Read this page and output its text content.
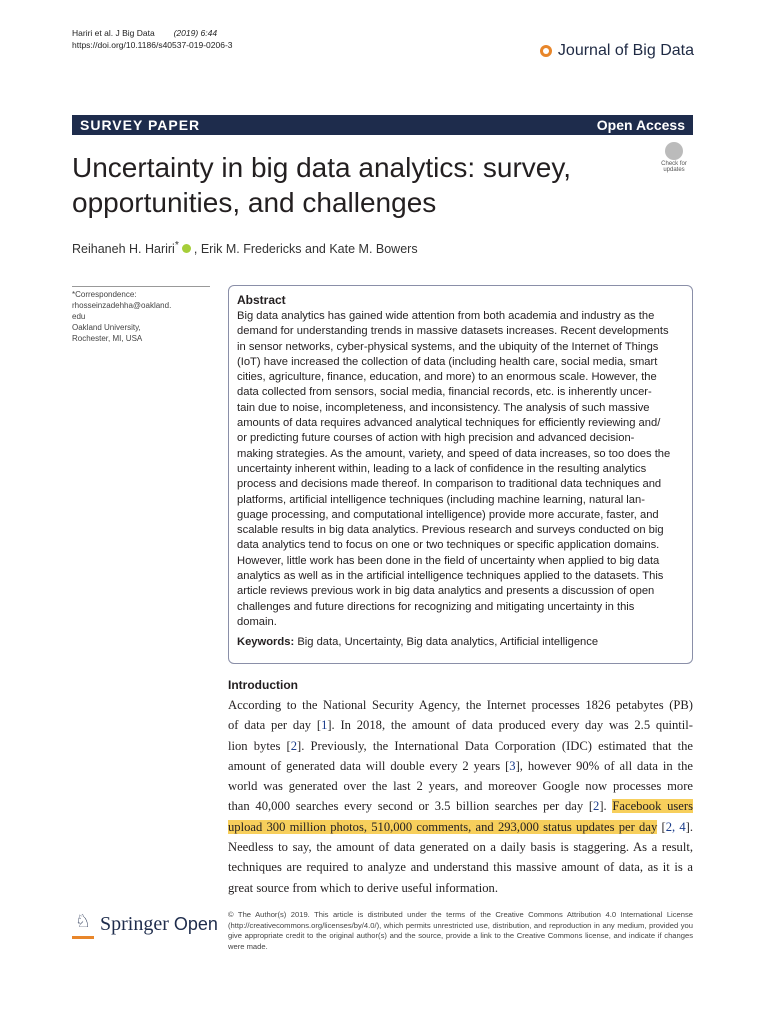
Hariri et al. J Big Data (2019) 6:44
https://doi.org/10.1186/s40537-019-0206-3	Journal of Big Data
SURVEY PAPER	Open Access
Uncertainty in big data analytics: survey, opportunities, and challenges
Check for updates
Reihaneh H. Hariri* , Erik M. Fredericks and Kate M. Bowers
*Correspondence:
rhosseinzadehha@oakland.
edu
Oakland University,
Rochester, MI, USA
Abstract
Big data analytics has gained wide attention from both academia and industry as the
demand for understanding trends in massive datasets increases. Recent developments
in sensor networks, cyber-physical systems, and the ubiquity of the Internet of Things
(IoT) have increased the collection of data (including health care, social media, smart
cities, agriculture, finance, education, and more) to an enormous scale. However, the
data collected from sensors, social media, financial records, etc. is inherently uncer-
tain due to noise, incompleteness, and inconsistency. The analysis of such massive
amounts of data requires advanced analytical techniques for efficiently reviewing and/
or predicting future courses of action with high precision and advanced decision-
making strategies. As the amount, variety, and speed of data increases, so too does the
uncertainty inherent within, leading to a lack of confidence in the resulting analytics
process and decisions made thereof. In comparison to traditional data techniques and
platforms, artificial intelligence techniques (including machine learning, natural lan-
guage processing, and computational intelligence) provide more accurate, faster, and
scalable results in big data analytics. Previous research and surveys conducted on big
data analytics tend to focus on one or two techniques or specific application domains.
However, little work has been done in the field of uncertainty when applied to big data
analytics as well as in the artificial intelligence techniques applied to the datasets. This
article reviews previous work in big data analytics and presents a discussion of open
challenges and future directions for recognizing and mitigating uncertainty in this
domain.
Keywords: Big data, Uncertainty, Big data analytics, Artificial intelligence
Introduction
According to the National Security Agency, the Internet processes 1826 petabytes (PB)
of data per day [1]. In 2018, the amount of data produced every day was 2.5 quintil-
lion bytes [2]. Previously, the International Data Corporation (IDC) estimated that the
amount of generated data will double every 2 years [3], however 90% of all data in the
world was generated over the last 2 years, and moreover Google now processes more
than 40,000 searches every second or 3.5 billion searches per day [2]. Facebook users
upload 300 million photos, 510,000 comments, and 293,000 status updates per day [2, 4].
Needless to say, the amount of data generated on a daily basis is staggering. As a result,
techniques are required to analyze and understand this massive amount of data, as it is a
great source from which to derive useful information.
♘ Springer Open © The Author(s) 2019. This article is distributed under the terms of the Creative Commons Attribution 4.0 International License (http://creativecommons.org/licenses/by/4.0/), which permits unrestricted use, distribution, and reproduction in any medium, provided you give appropriate credit to the original author(s) and the source, provide a link to the Creative Commons license, and indicate if changes were made.
